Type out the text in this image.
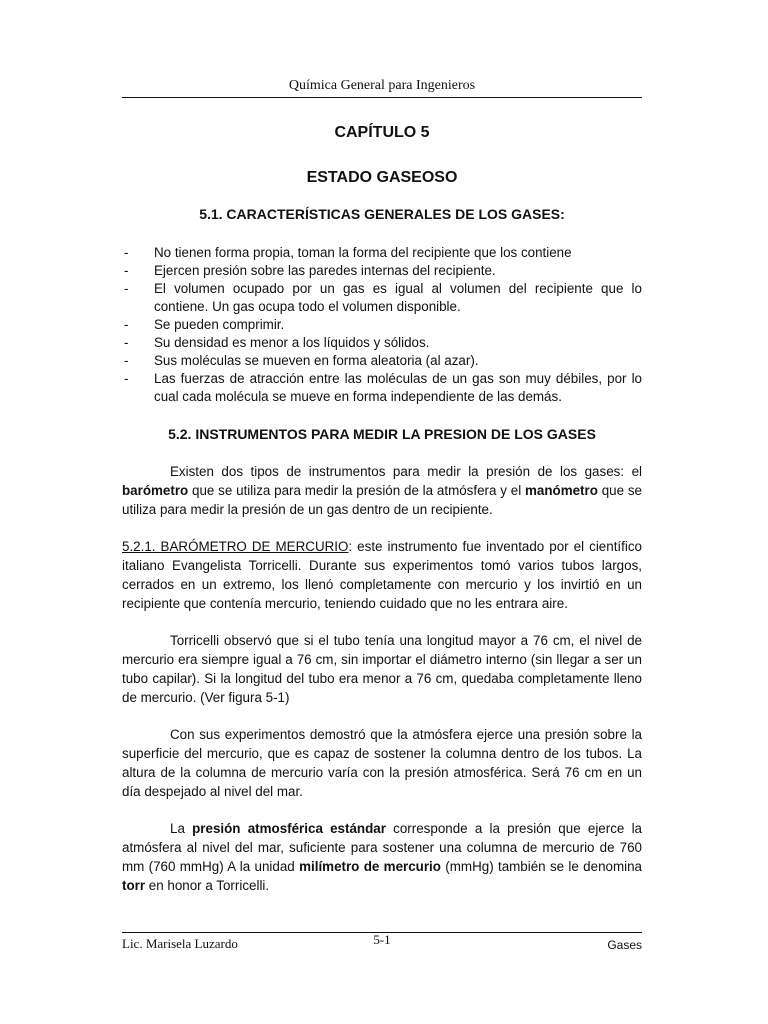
Química General para Ingenieros
CAPÍTULO 5
ESTADO GASEOSO
5.1. CARACTERÍSTICAS GENERALES DE LOS GASES:
- No tienen forma propia, toman la forma del recipiente que los contiene
- Ejercen presión sobre las paredes internas del recipiente.
- El volumen ocupado por un gas es igual al volumen del recipiente que lo contiene. Un gas ocupa todo el volumen disponible.
- Se pueden comprimir.
- Su densidad es menor a los líquidos y sólidos.
- Sus moléculas se mueven en forma aleatoria (al azar).
- Las fuerzas de atracción entre las moléculas de un gas son muy débiles, por lo cual cada molécula se mueve en forma independiente de las demás.
5.2. INSTRUMENTOS PARA MEDIR LA PRESION DE LOS GASES

Existen dos tipos de instrumentos para medir la presión de los gases: el barómetro que se utiliza para medir la presión de la atmósfera y el manómetro que se utiliza para medir la presión de un gas dentro de un recipiente.

5.2.1. BARÓMETRO DE MERCURIO: este instrumento fue inventado por el científico italiano Evangelista Torricelli. Durante sus experimentos tomó varios tubos largos, cerrados en un extremo, los llenó completamente con mercurio y los invirtió en un recipiente que contenía mercurio, teniendo cuidado que no les entrara aire.

Torricelli observó que si el tubo tenía una longitud mayor a 76 cm, el nivel de mercurio era siempre igual a 76 cm, sin importar el diámetro interno (sin llegar a ser un tubo capilar). Si la longitud del tubo era menor a 76 cm, quedaba completamente lleno de mercurio. (Ver figura 5-1)

Con sus experimentos demostró que la atmósfera ejerce una presión sobre la superficie del mercurio, que es capaz de sostener la columna dentro de los tubos. La altura de la columna de mercurio varía con la presión atmosférica. Será 76 cm en un día despejado al nivel del mar.

La presión atmosférica estándar corresponde a la presión que ejerce la atmósfera al nivel del mar, suficiente para sostener una columna de mercurio de 760 mm (760 mmHg) A la unidad milímetro de mercurio (mmHg) también se le denomina torr en honor a Torricelli.

Lic. Marisela Luzardo	5-1	Gases
